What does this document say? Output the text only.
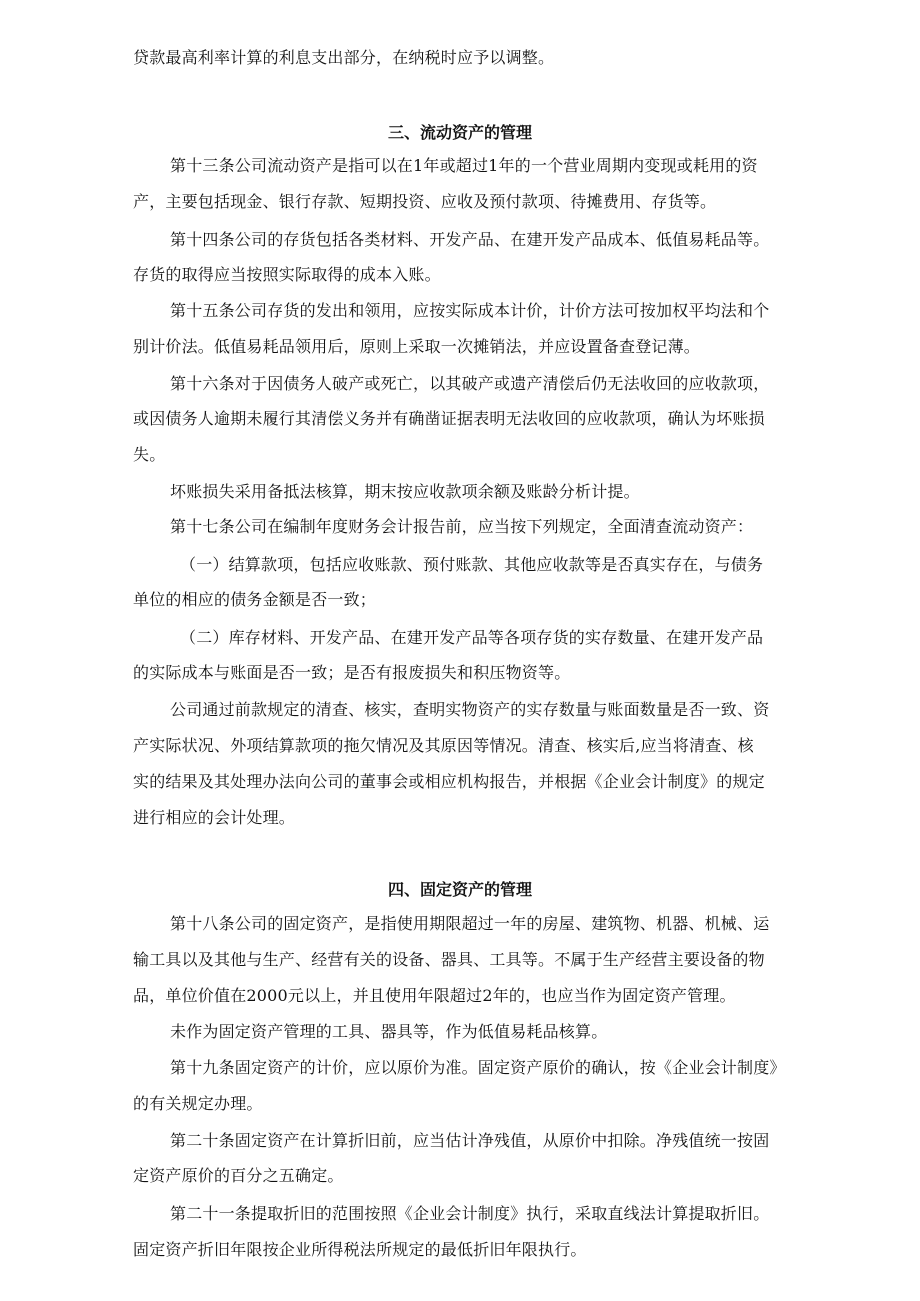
贷款最高利率计算的利息支出部分，在纳税时应予以调整。
三、流动资产的管理
第十三条公司流动资产是指可以在1年或超过1年的一个营业周期内变现或耗用的资
产，主要包括现金、银行存款、短期投资、应收及预付款项、待摊费用、存货等。
第十四条公司的存货包括各类材料、开发产品、在建开发产品成本、低值易耗品等。
存货的取得应当按照实际取得的成本入账。
第十五条公司存货的发出和领用，应按实际成本计价，计价方法可按加权平均法和个
别计价法。低值易耗品领用后，原则上采取一次摊销法，并应设置备查登记薄。
第十六条对于因债务人破产或死亡，以其破产或遗产清偿后仍无法收回的应收款项，
或因债务人逾期未履行其清偿义务并有确凿证据表明无法收回的应收款项，确认为坏账损
失。
坏账损失采用备抵法核算，期末按应收款项余额及账龄分析计提。
第十七条公司在编制年度财务会计报告前，应当按下列规定，全面清查流动资产：
（一）结算款项，包括应收账款、预付账款、其他应收款等是否真实存在，与债务
单位的相应的债务金额是否一致；
（二）库存材料、开发产品、在建开发产品等各项存货的实存数量、在建开发产品
的实际成本与账面是否一致；是否有报废损失和积压物资等。
公司通过前款规定的清查、核实，查明实物资产的实存数量与账面数量是否一致、资
产实际状况、外项结算款项的拖欠情况及其原因等情况。清查、核实后,应当将清查、核
实的结果及其处理办法向公司的董事会或相应机构报告，并根据《企业会计制度》的规定
进行相应的会计处理。
四、固定资产的管理
第十八条公司的固定资产，是指使用期限超过一年的房屋、建筑物、机器、机械、运
输工具以及其他与生产、经营有关的设备、器具、工具等。不属于生产经营主要设备的物
品，单位价值在2000元以上，并且使用年限超过2年的，也应当作为固定资产管理。
未作为固定资产管理的工具、器具等，作为低值易耗品核算。
第十九条固定资产的计价，应以原价为准。固定资产原价的确认，按《企业会计制度》
的有关规定办理。
第二十条固定资产在计算折旧前，应当估计净残值，从原价中扣除。净残值统一按固
定资产原价的百分之五确定。
第二十一条提取折旧的范围按照《企业会计制度》执行，采取直线法计算提取折旧。
固定资产折旧年限按企业所得税法所规定的最低折旧年限执行。
